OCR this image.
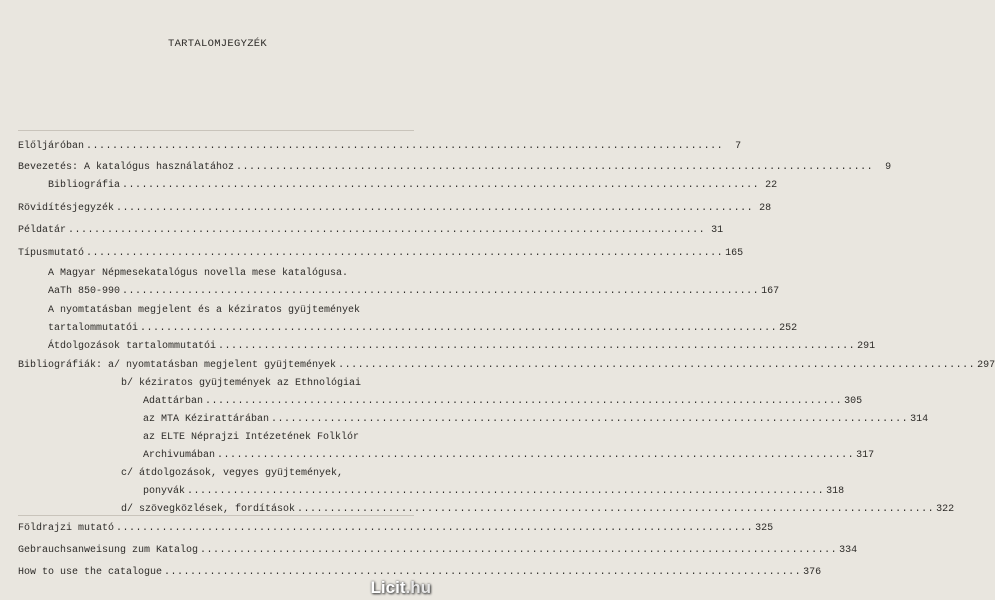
TARTALOMJEGYZÉK
Előljáróban ..................................................................................................	7
Bevezetés: A katalógus használatához ..................................................................................................	9
Bibliográfia .................................................................................................. 22
Rövidítésjegyzék .................................................................................................. 28
Példatár .................................................................................................. 31
Típusmutató .................................................................................................. 165
A Magyar Népmesekatalógus novella mese katalógusa.
AaTh 850-990 .................................................................................................. 167
A nyomtatásban megjelent és a kéziratos gyüjtemények
tartalommutatói .................................................................................................. 252
Átdolgozások tartalommutatói .................................................................................................. 291
Bibliográfiák: a/ nyomtatásban megjelent gyüjtemények .................................................................................................. 297
b/ kéziratos gyüjtemények az Ethnológiai
Adattárban .................................................................................................. 305
az MTA Kézirattárában .................................................................................................. 314
az ELTE Néprajzi Intézetének Folklór
Archivumában .................................................................................................. 317
c/ átdolgozások, vegyes gyüjtemények,
ponyvák .................................................................................................. 318
d/ szövegközlések, fordítások .................................................................................................. 322
Földrajzi mutató .................................................................................................. 325
Gebrauchsanweisung zum Katalog .................................................................................................. 334
How to use the catalogue .................................................................................................. 376
Licit.hu
